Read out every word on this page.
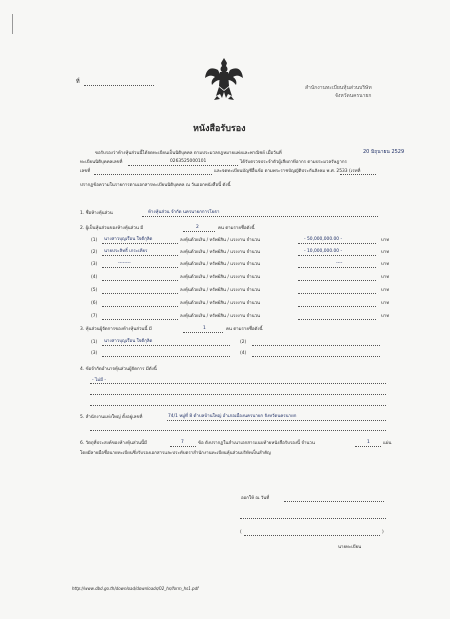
ที่
สำนักงานทะเบียนหุ้นส่วนบริษัท
จังหวัดนครนายก
หนังสือรับรอง
ขอรับรองว่าห้างหุ้นส่วนนี้ได้จดทะเบียนเป็นนิติบุคคล ตามประมวลกฎหมายแพ่งและพาณิชย์ เมื่อวันที่	20 มิถุนายน 2529
ทะเบียนนิติบุคคลเลขที่	0263525000101	ได้รับตรวจประจำตัวผู้เสียภาษีอากร ตามประมวลรัษฎากร
เลขที่	และจดทะเบียนบัญชีอื่นข้อ ตามพระราชบัญญัติประกันสังคม พ.ศ. 2533 (เรทที่
ปรากฏข้อความในรายการตามเอกสารทะเบียนนิติบุคคล ณ วันออกหนังสือนี้ ดังนี้
1. ชื่อห้างหุ้นส่วน	ห้างหุ้นส่วน จำกัด นครนายกการโยธา
2. ผู้เป็นหุ้นส่วนของห้างหุ้นส่วน มี	2	คน ตามรายชื่อดังนี้
(1) นางสาวบุญเรือน ใจดีกุลิต	ลงหุ้นด้วยเงิน / ทรัพย์สิน / แรงงาน จำนวน	- 50,000,000.00 -	บาท
(2) นายประสิทธิ์ เกระเทียร	ลงหุ้นด้วยเงิน / ทรัพย์สิน / แรงงาน จำนวน	- 10,000,000.00 -	บาท
(3)	--------	ลงหุ้นด้วยเงิน / ทรัพย์สิน / แรงงาน จำนวน	----	บาท
(4)	ลงหุ้นด้วยเงิน / ทรัพย์สิน / แรงงาน จำนวน	บาท
(5)	ลงหุ้นด้วยเงิน / ทรัพย์สิน / แรงงาน จำนวน	บาท
(6)	ลงหุ้นด้วยเงิน / ทรัพย์สิน / แรงงาน จำนวน	บาท
(7)	ลงหุ้นด้วยเงิน / ทรัพย์สิน / แรงงาน จำนวน	บาท
3. หุ้นส่วนผู้จัดการของห้างหุ้นส่วนนี้ มี	1	คน ตามรายชื่อดังนี้
(1) นางสาวบุญเรือน ใจดีกุลิต	(2)
(3)	(4)
4. ข้อจำกัดอำนาจหุ้นส่วนผู้จัดการ มีดังนี้
- ไม่มี -
5. สำนักงานแห่งใหญ่ ตั้งอยู่เลขที่	74/1 หมู่ที่ 8 ตำบลบ้านใหญ่ อำเภอเมืองนครนายก จังหวัดนครนายก
6. วัตถุที่ประสงค์ของห้างหุ้นส่วนนี้มี	7	ข้อ ดังปรากฏในสำเนาเอกสารแนบท้ายหนังสือรับรองนี้ จำนวน	1	แผ่น
โดยมีลายมือชื่อนายทะเบียนซึ่งรับรองเอกสารและประทับตราสำนักงานทะเบียนหุ้นส่วนบริษัทเป็นสำคัญ
ออกให้ ณ วันที่
(	)
นายทะเบียน
http://www.dbd.go.th/download/downloads/02_hs/form_hs1.pdf
